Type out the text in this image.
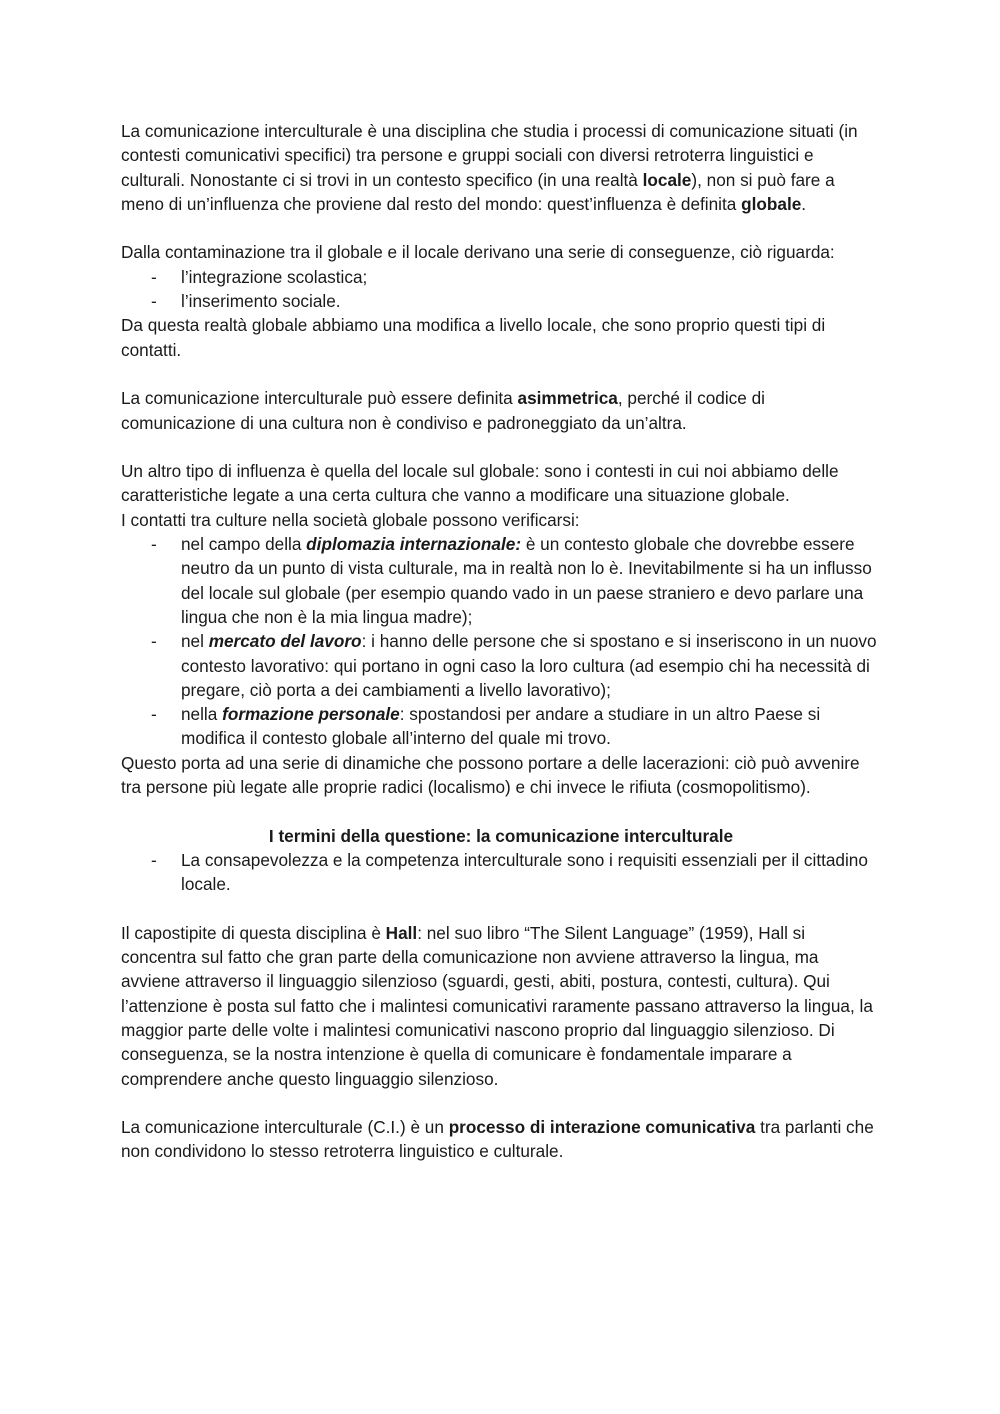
La comunicazione interculturale è una disciplina che studia i processi di comunicazione situati (in contesti comunicativi specifici) tra persone e gruppi sociali con diversi retroterra linguistici e culturali. Nonostante ci si trovi in un contesto specifico (in una realtà locale), non si può fare a meno di un’influenza che proviene dal resto del mondo: quest’influenza è definita globale.

Dalla contaminazione tra il globale e il locale derivano una serie di conseguenze, ciò riguarda:

- l’integrazione scolastica;
- l’inserimento sociale.

Da questa realtà globale abbiamo una modifica a livello locale, che sono proprio questi tipi di contatti.

La comunicazione interculturale può essere definita asimmetrica, perché il codice di comunicazione di una cultura non è condiviso e padroneggiato da un’altra.

Un altro tipo di influenza è quella del locale sul globale: sono i contesti in cui noi abbiamo delle caratteristiche legate a una certa cultura che vanno a modificare una situazione globale.

I contatti tra culture nella società globale possono verificarsi:

- nel campo della diplomazia internazionale: è un contesto globale che dovrebbe essere neutro da un punto di vista culturale, ma in realtà non lo è. Inevitabilmente si ha un influsso del locale sul globale (per esempio quando vado in un paese straniero e devo parlare una lingua che non è la mia lingua madre);
- nel mercato del lavoro: i hanno delle persone che si spostano e si inseriscono in un nuovo contesto lavorativo: qui portano in ogni caso la loro cultura (ad esempio chi ha necessità di pregare, ciò porta a dei cambiamenti a livello lavorativo);
- nella formazione personale: spostandosi per andare a studiare in un altro Paese si modifica il contesto globale all’interno del quale mi trovo.

Questo porta ad una serie di dinamiche che possono portare a delle lacerazioni: ciò può avvenire tra persone più legate alle proprie radici (localismo) e chi invece le rifiuta (cosmopolitismo).

I termini della questione: la comunicazione interculturale

- La consapevolezza e la competenza interculturale sono i requisiti essenziali per il cittadino locale.

Il capostipite di questa disciplina è Hall: nel suo libro “The Silent Language” (1959), Hall si concentra sul fatto che gran parte della comunicazione non avviene attraverso la lingua, ma avviene attraverso il linguaggio silenzioso (sguardi, gesti, abiti, postura, contesti, cultura). Qui l’attenzione è posta sul fatto che i malintesi comunicativi raramente passano attraverso la lingua, la maggior parte delle volte i malintesi comunicativi nascono proprio dal linguaggio silenzioso. Di conseguenza, se la nostra intenzione è quella di comunicare è fondamentale imparare a comprendere anche questo linguaggio silenzioso.

La comunicazione interculturale (C.I.) è un processo di interazione comunicativa tra parlanti che non condividono lo stesso retroterra linguistico e culturale.
